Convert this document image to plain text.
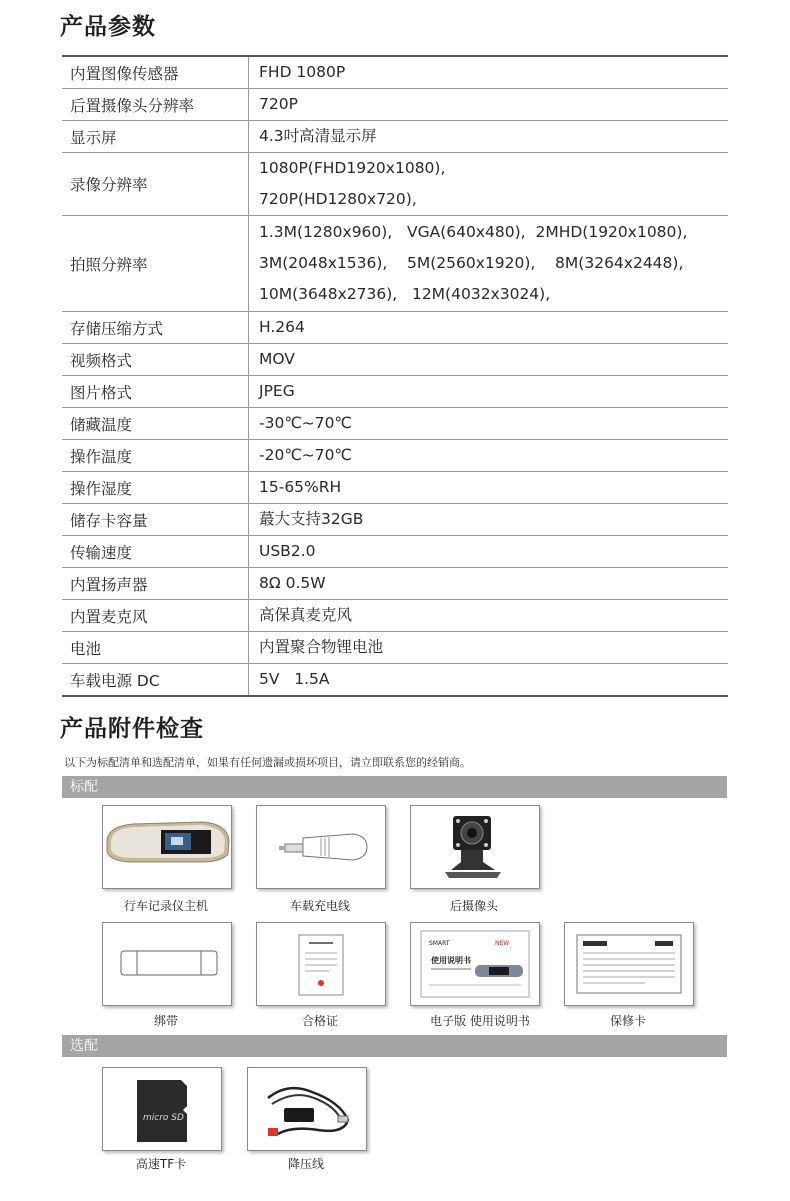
产品参数
内置图像传感器	FHD 1080P

后置摄像头分辨率	720P

显示屏	4.3吋高清显示屏

录像分辨率	1080P(FHD1920x1080),
720P(HD1280x720),

拍照分辨率	1.3M(1280x960),   VGA(640x480),  2MHD(1920x1080),
3M(2048x1536),    5M(2560x1920),    8M(3264x2448),
10M(3648x2736),   12M(4032x3024),

存储压缩方式	H.264

视频格式	MOV

图片格式	JPEG

储藏温度	-30℃~70℃

操作温度	-20℃~70℃

操作湿度	15-65%RH

储存卡容量	蕞大支持32GB

传输速度	USB2.0

内置扬声器	8Ω 0.5W

内置麦克风	高保真麦克风

电池	内置聚合物锂电池

车载电源 DC	5V   1.5A
产品附件检查
以下为标配清单和选配清单，如果有任何遗漏或损坏项目，请立即联系您的经销商。
标配
行车记录仪主机	车载充电线	后摄像头
绑带	合格证
SMART	NEW
使用说明书
电子版 使用说明书	保修卡
选配
micro SD
高速TF卡	降压线
